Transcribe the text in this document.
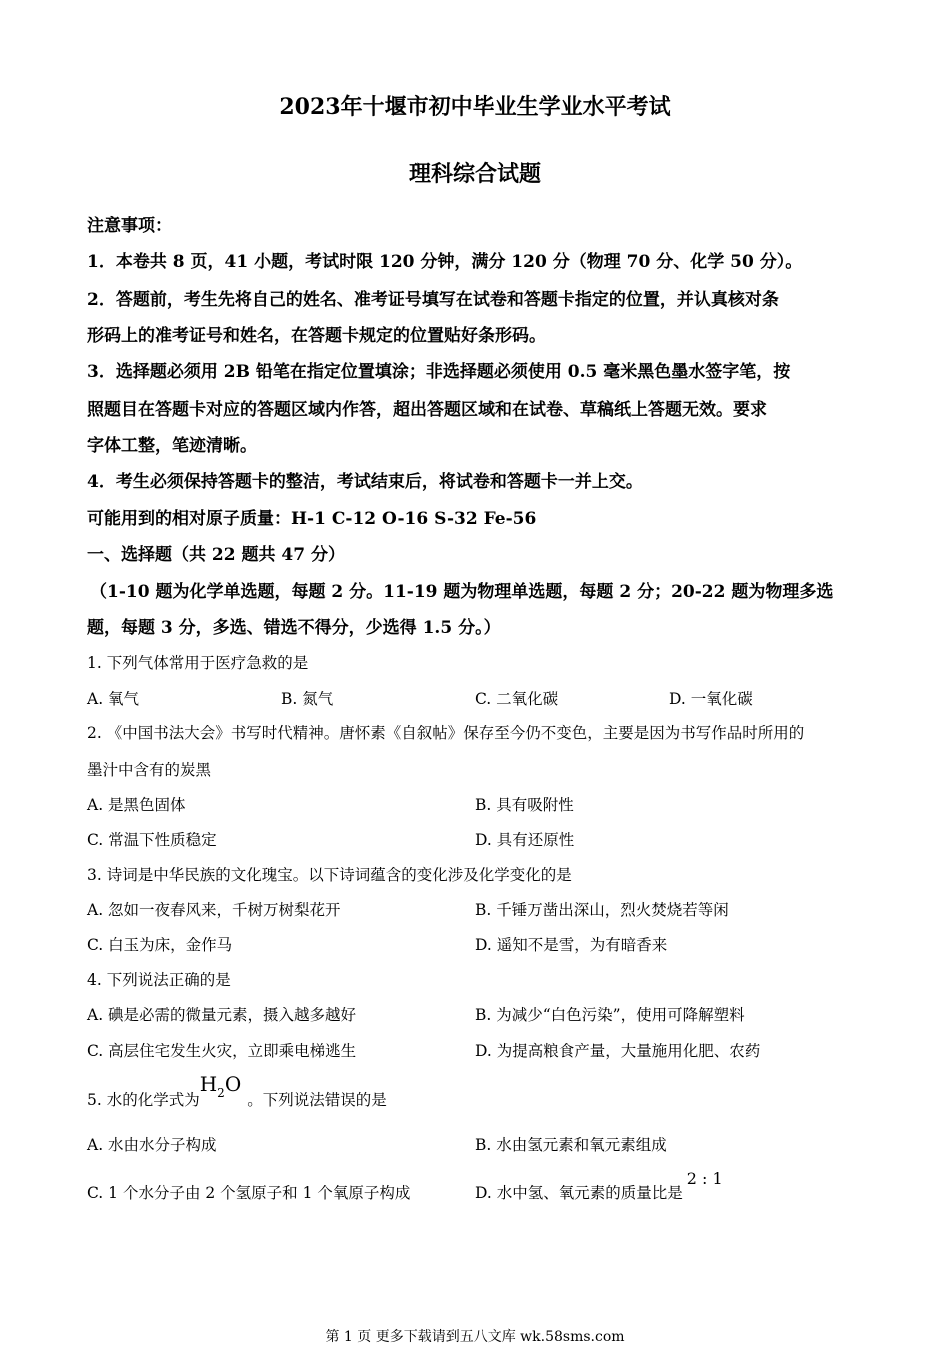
2023年十堰市初中毕业生学业水平考试
理科综合试题
注意事项：
1．本卷共 8 页，41 小题，考试时限 120 分钟，满分 120 分（物理 70 分、化学 50 分）。
2．答题前，考生先将自己的姓名、准考证号填写在试卷和答题卡指定的位置，并认真核对条
形码上的准考证号和姓名，在答题卡规定的位置贴好条形码。
3．选择题必须用 2B 铅笔在指定位置填涂；非选择题必须使用 0.5 毫米黑色墨水签字笔，按
照题目在答题卡对应的答题区域内作答，超出答题区域和在试卷、草稿纸上答题无效。要求
字体工整，笔迹清晰。
4．考生必须保持答题卡的整洁，考试结束后，将试卷和答题卡一并上交。
可能用到的相对原子质量：H-1 C-12 O-16 S-32 Fe-56
一、选择题（共 22 题共 47 分）
（1-10 题为化学单选题，每题 2 分。11-19 题为物理单选题，每题 2 分；20-22 题为物理多选
题，每题 3 分，多选、错选不得分，少选得 1.5 分。）
1. 下列气体常用于医疗急救的是
A. 氧气	B. 氮气	C. 二氧化碳	D. 一氧化碳
2. 《中国书法大会》书写时代精神。唐怀素《自叙帖》保存至今仍不变色，主要是因为书写作品时所用的
墨汁中含有的炭黑
A. 是黑色固体	B. 具有吸附性
C. 常温下性质稳定	D. 具有还原性
3. 诗词是中华民族的文化瑰宝。以下诗词蕴含的变化涉及化学变化的是
A. 忽如一夜春风来，千树万树梨花开	B. 千锤万凿出深山，烈火焚烧若等闲
C. 白玉为床，金作马	D. 遥知不是雪，为有暗香来
4. 下列说法正确的是
A. 碘是必需的微量元素，摄入越多越好	B. 为减少“白色污染”，使用可降解塑料
C. 高层住宅发生火灾，立即乘电梯逃生	D. 为提高粮食产量，大量施用化肥、农药
5. 水的化学式为$H_2O$。下列说法错误的是
A. 水由水分子构成	B. 水由氢元素和氧元素组成
C. 1 个水分子由 2 个氢原子和 1 个氧原子构成	D. 水中氢、氧元素的质量比是2 : 1
第 1 页 更多下载请到五八文库 wk.58sms.com
